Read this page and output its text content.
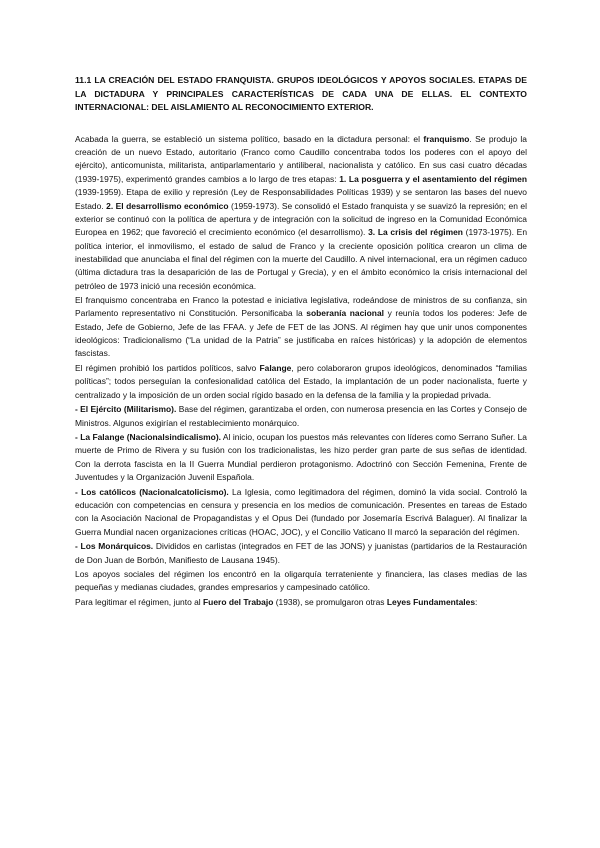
11.1 LA CREACIÓN DEL ESTADO FRANQUISTA. GRUPOS IDEOLÓGICOS Y APOYOS SOCIALES. ETAPAS DE LA DICTADURA Y PRINCIPALES CARACTERÍSTICAS DE CADA UNA DE ELLAS. EL CONTEXTO INTERNACIONAL: DEL AISLAMIENTO AL RECONOCIMIENTO EXTERIOR.
Acabada la guerra, se estableció un sistema político, basado en la dictadura personal: el franquismo. Se produjo la creación de un nuevo Estado, autoritario (Franco como Caudillo concentraba todos los poderes con el apoyo del ejército), anticomunista, militarista, antiparlamentario y antiliberal, nacionalista y católico. En sus casi cuatro décadas (1939-1975), experimentó grandes cambios a lo largo de tres etapas: 1. La posguerra y el asentamiento del régimen (1939-1959). Etapa de exilio y represión (Ley de Responsabilidades Políticas 1939) y se sentaron las bases del nuevo Estado. 2. El desarrollismo económico (1959-1973). Se consolidó el Estado franquista y se suavizó la represión; en el exterior se continuó con la política de apertura y de integración con la solicitud de ingreso en la Comunidad Económica Europea en 1962; que favoreció el crecimiento económico (el desarrollismo). 3. La crisis del régimen (1973-1975). En política interior, el inmovilismo, el estado de salud de Franco y la creciente oposición política crearon un clima de inestabilidad que anunciaba el final del régimen con la muerte del Caudillo. A nivel internacional, era un régimen caduco (última dictadura tras la desaparición de las de Portugal y Grecia), y en el ámbito económico la crisis internacional del petróleo de 1973 inició una recesión económica.
El franquismo concentraba en Franco la potestad e iniciativa legislativa, rodeándose de ministros de su confianza, sin Parlamento representativo ni Constitución. Personificaba la soberanía nacional y reunía todos los poderes: Jefe de Estado, Jefe de Gobierno, Jefe de las FFAA. y Jefe de FET de las JONS. Al régimen hay que unir unos componentes ideológicos: Tradicionalismo (“La unidad de la Patria” se justificaba en raíces históricas) y la adopción de elementos fascistas.
El régimen prohibió los partidos políticos, salvo Falange, pero colaboraron grupos ideológicos, denominados “familias políticas”; todos perseguían la confesionalidad católica del Estado, la implantación de un poder nacionalista, fuerte y centralizado y la imposición de un orden social rígido basado en la defensa de la familia y la propiedad privada.
- El Ejército (Militarismo). Base del régimen, garantizaba el orden, con numerosa presencia en las Cortes y Consejo de Ministros. Algunos exigirían el restablecimiento monárquico.
- La Falange (Nacionalsindicalismo). Al inicio, ocupan los puestos más relevantes con líderes como Serrano Suñer. La muerte de Primo de Rivera y su fusión con los tradicionalistas, les hizo perder gran parte de sus señas de identidad. Con la derrota fascista en la II Guerra Mundial perdieron protagonismo. Adoctrinó con Sección Femenina, Frente de Juventudes y la Organización Juvenil Española.
- Los católicos (Nacionalcatolicismo). La Iglesia, como legitimadora del régimen, dominó la vida social. Controló la educación con competencias en censura y presencia en los medios de comunicación. Presentes en tareas de Estado con la Asociación Nacional de Propagandistas y el Opus Dei (fundado por Josemaría Escrivá Balaguer). Al finalizar la Guerra Mundial nacen organizaciones críticas (HOAC, JOC), y el Concilio Vaticano II marcó la separación del régimen.
- Los Monárquicos. Divididos en carlistas (integrados en FET de las JONS) y juanistas (partidarios de la Restauración de Don Juan de Borbón, Manifiesto de Lausana 1945).
Los apoyos sociales del régimen los encontró en la oligarquía terrateniente y financiera, las clases medias de las pequeñas y medianas ciudades, grandes empresarios y campesinado católico.
Para legitimar el régimen, junto al Fuero del Trabajo (1938), se promulgaron otras Leyes Fundamentales:
